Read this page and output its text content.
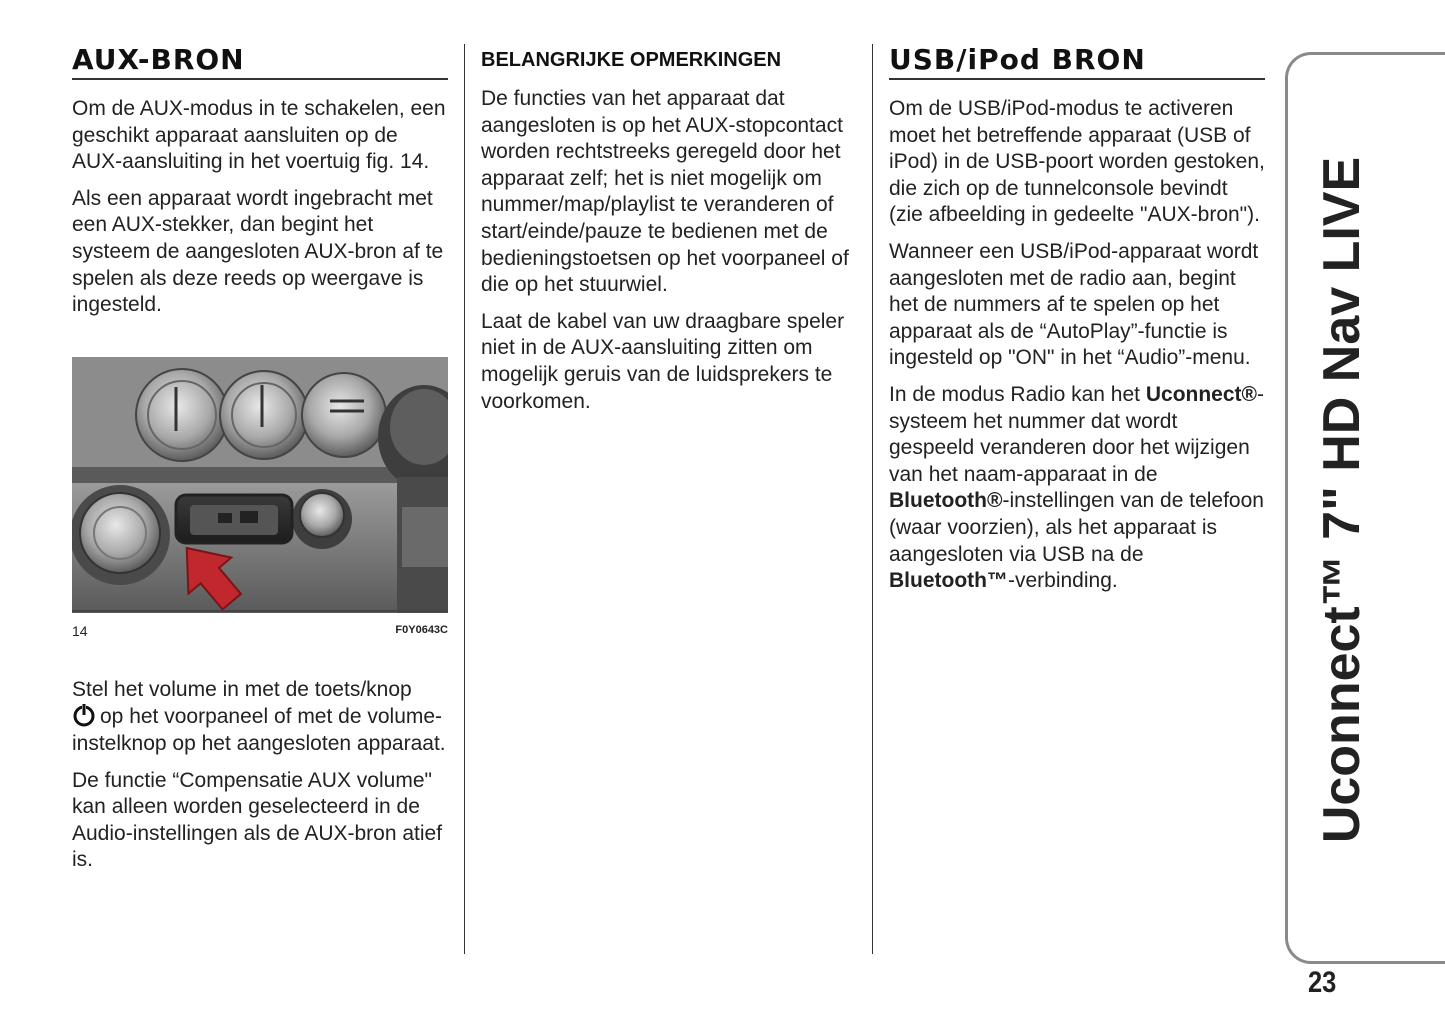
AUX-BRON

Om de AUX-modus in te schakelen, een geschikt apparaat aansluiten op de AUX-aansluiting in het voertuig fig. 14.

Als een apparaat wordt ingebracht met een AUX-stekker, dan begint het systeem de aangesloten AUX-bron af te spelen als deze reeds op weergave is ingesteld.

14	F0Y0643C

Stel het volume in met de toets/knop
op het voorpaneel of met de volume-instelknop op het aangesloten apparaat.

De functie “Compensatie AUX volume" kan alleen worden geselecteerd in de Audio-instellingen als de AUX-bron atief is.

BELANGRIJKE OPMERKINGEN

De functies van het apparaat dat aangesloten is op het AUX-stopcontact worden rechtstreeks geregeld door het apparaat zelf; het is niet mogelijk om nummer/map/playlist te veranderen of start/einde/pauze te bedienen met de bedieningstoetsen op het voorpaneel of die op het stuurwiel.

Laat de kabel van uw draagbare speler niet in de AUX-aansluiting zitten om mogelijk geruis van de luidsprekers te voorkomen.

USB/iPod BRON

Om de USB/iPod-modus te activeren moet het betreffende apparaat (USB of iPod) in de USB-poort worden gestoken, die zich op de tunnelconsole bevindt (zie afbeelding in gedeelte "AUX-bron").

Wanneer een USB/iPod-apparaat wordt aangesloten met de radio aan, begint het de nummers af te spelen op het apparaat als de “AutoPlay”-functie is ingesteld op "ON" in het “Audio”-menu.

In de modus Radio kan het Uconnect®-systeem het nummer dat wordt gespeeld veranderen door het wijzigen van het naam-apparaat in de Bluetooth®-instellingen van de telefoon (waar voorzien), als het apparaat is aangesloten via USB na de Bluetooth™-verbinding.	Uconnect™ 7" HD Nav LIVE
23
